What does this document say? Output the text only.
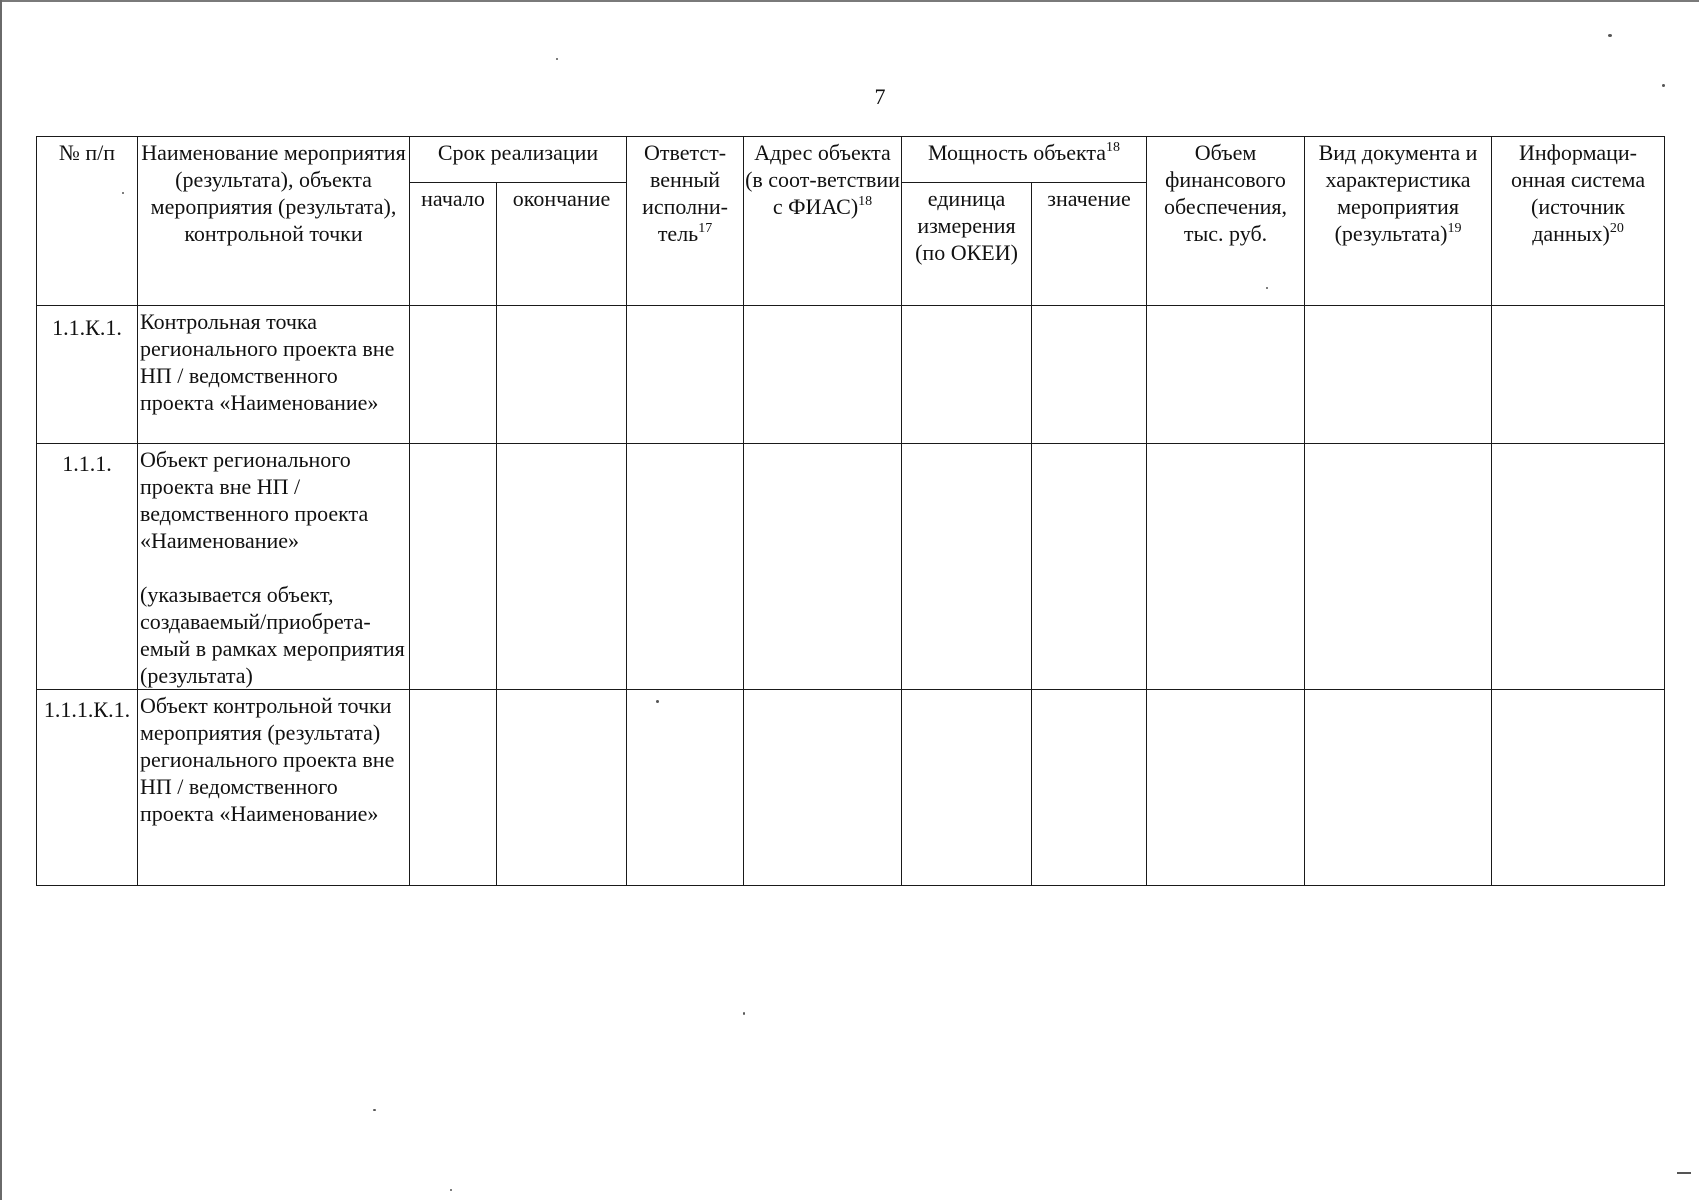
7
№ п/п	Наименование мероприятия (результата), объекта мероприятия (результата), контрольной точки	Срок реализации		Ответст-венный исполни-тель$^{17}$	Адрес объекта (в соот-ветствии с ФИАС)$^{18}$	Мощность объекта$^{18}$		Объем финансового обеспечения, тыс. руб.	Вид документа и характеристика мероприятия (результата)$^{19}$	Информаци-онная система (источник данных)$^{20}$
		начало	окончание			единица измерения (по ОКЕИ)	значение			
1.1.К.1.	Контрольная точка регионального проекта вне НП / ведомственного проекта «Наименование»									
1.1.1.	Объект регионального проекта вне НП / ведомственного проекта «Наименование»
(указывается объект, создаваемый/приобрета-емый в рамках мероприятия (результата)									

1.1.1.К.1.	Объект контрольной точки мероприятия (результата) регионального проекта вне НП / ведомственного проекта «Наименование»									
